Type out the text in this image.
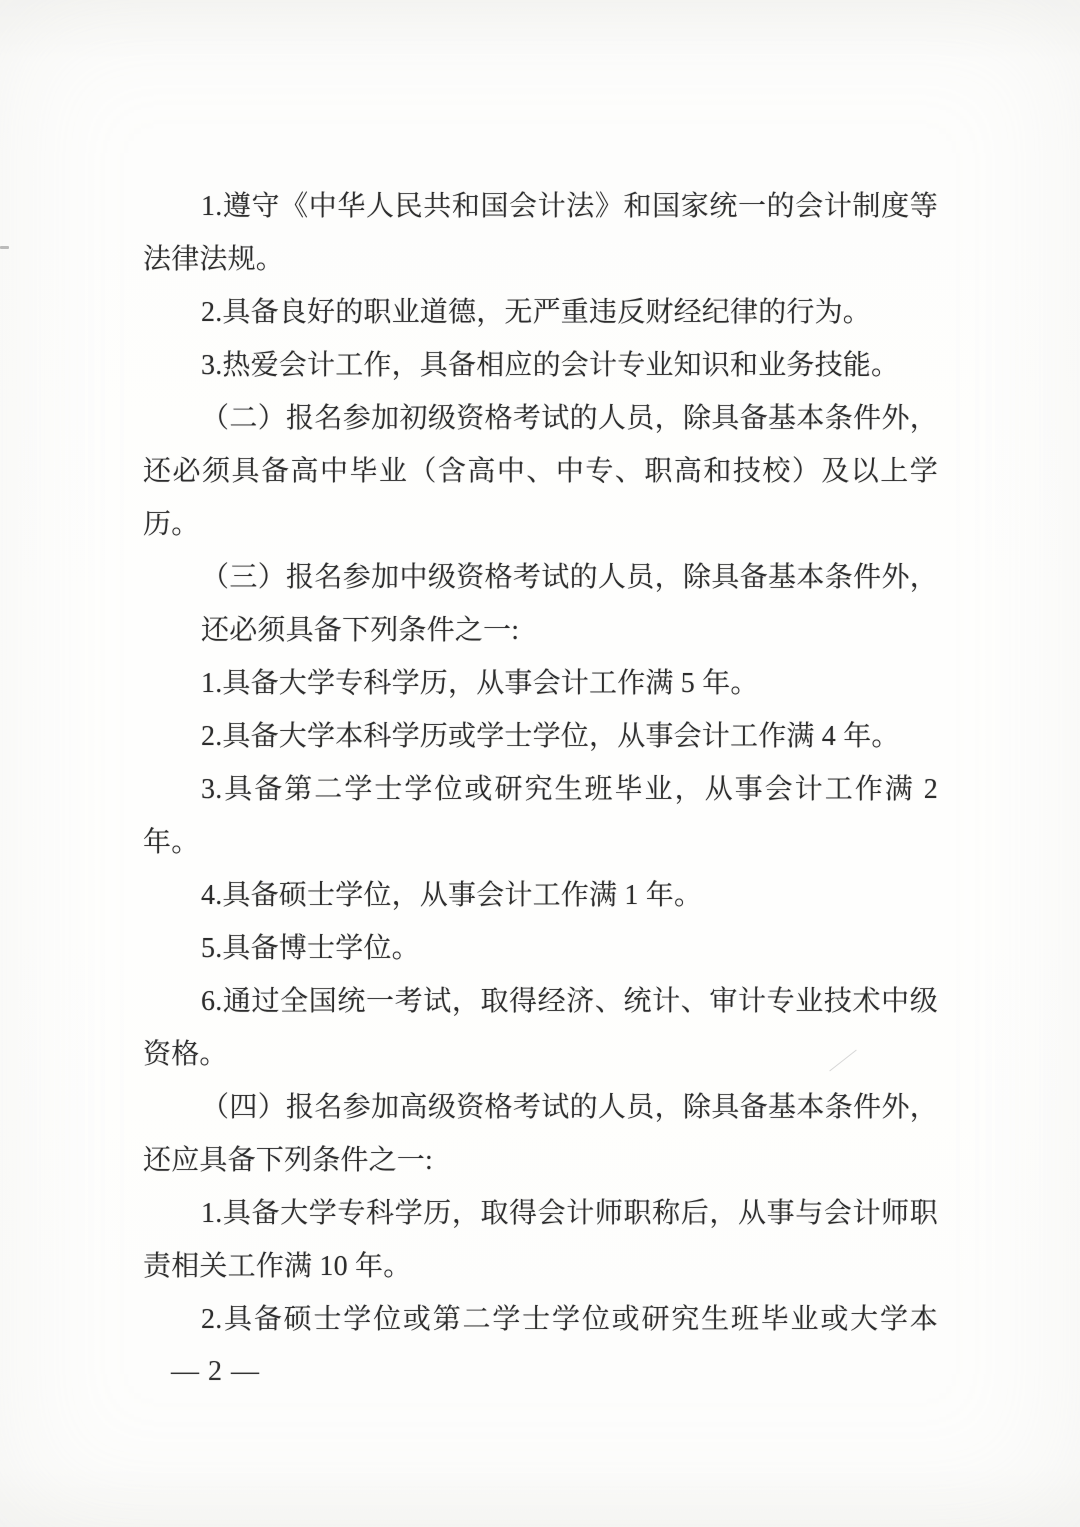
1.遵守《中华人民共和国会计法》和国家统一的会计制度等
法律法规。
2.具备良好的职业道德，无严重违反财经纪律的行为。
3.热爱会计工作，具备相应的会计专业知识和业务技能。
（二）报名参加初级资格考试的人员，除具备基本条件外，
还必须具备高中毕业（含高中、中专、职高和技校）及以上学
历。
（三）报名参加中级资格考试的人员，除具备基本条件外，
还必须具备下列条件之一:
1.具备大学专科学历，从事会计工作满 5 年。
2.具备大学本科学历或学士学位，从事会计工作满 4 年。
3.具备第二学士学位或研究生班毕业，从事会计工作满 2
年。
4.具备硕士学位，从事会计工作满 1 年。
5.具备博士学位。
6.通过全国统一考试，取得经济、统计、审计专业技术中级
资格。
（四）报名参加高级资格考试的人员，除具备基本条件外，
还应具备下列条件之一:
1.具备大学专科学历，取得会计师职称后，从事与会计师职
责相关工作满 10 年。
2.具备硕士学位或第二学士学位或研究生班毕业或大学本
— 2 —
